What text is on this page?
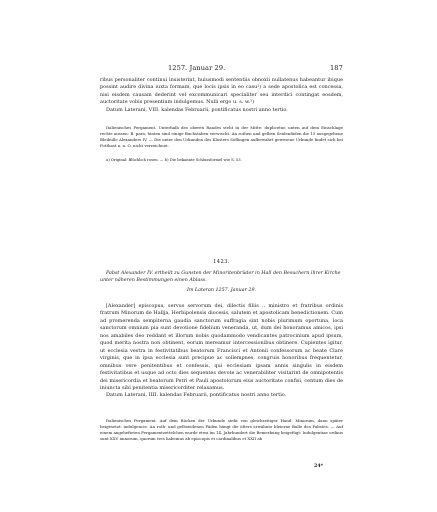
1257. Januar 29.	187

ribus personaliter continui insisterint, huiusmodi sententiis obnoxii nullatenus habeantur ibique possint audire divina iuxta formam, que locis ipsis in eo casu²) a sede apostolica est concessa, nisi eisdem causam dederint vel excommunicari specialiter seu interdici contingat eosdem, auctoritate vobis presentium indulgemus. Nulli ergo u. s. w.¹)

Datum Laterani, VIII. kalendas Februarii, pontificatus nostri anno tertio.

Italienisches Pergament. Unterhalb des oberen Randes steht in der Mitte: duplicetur, unten auf dem Einschlage rechts aussen: B. para; hinten sind einige Buchstaben verwischt. An rothen und gelben Seidenfäden die 15 ausgegebene Bleibulle Alexanders IV. — Die unter den Urkunden des Klosters Söflingen aufbewahrt gewesene Urkunde findet sich bei Potthast a. a. O. nicht verzeichnet.

a) Original: Blüchlich rosen. — b) Die bekannte Schlussformel wie S. 53.
1423.

Pabst Alexander IV. ertheilt zu Gunsten der Minoritenbrüder in Hall den Besuchern ihrer Kirche unter näheren Bestimmungen einen Ablass.

Im Lateran 1257. Januar 29.

[Alexander] episcopus, servus servorum dei, dilectis filiis .. ministro et fratribus ordinis fratrum Minorum de Hallja, Herbipolensis diocesis, salutem et apostolicam benedictionem. Cum ad promerenda sempiterna gaudia sanctorum suffragia sint nobis plurimum oportuna, loca sanctorum omnium pia sunt devotione fidelium veneranda, ut, dum dei honoramus amicos, ipsi nos amabiles deo reddant et illorum nobis quodammodo vendicantes patrocinium apud ipsum, quod merita nostra non obtinent, eorum mereamur intercessionibus obtinere. Cupientes igitur, ut ecclesia vestra in festivitatibus beatorum Francisci et Antonii confessorum ac beate Clare virginis, que in ipsa ecclesia sunt precipue ac sollempnes, congruis honoribus frequentetur, omnibus vere penitentibus et confessis, qui ecclesiam ipsam annis singulis in eisdem festivitatibus et usque ad octo dies sequentes devote ac venerabiliter visitarint de omnipotentis dei misericordia et beatorum Petri et Pauli apostolorum eius auctoritate confisi, centum dies de iniuncta sibi penitentia misericorditer relaxamus.

Datum Laterani, IIII. kalendas Februarii, pontificatus nostri anno tertio.

Italienisches Pergament. Auf dem Rücken der Urkunde steht von gleichzeitiger Hand: Minorum, dann später beigesetzt: indulgencie. An roth- und gelbseidenen Fäden hängt die öfters erwähnte bleierne Bulle des Pabstes. — Auf einem angehefteten Pergamentzettelchen wurde etwa im 14. Jahrhundert die Bemerkung beigefügt: Indulgentiae ordinis sunt XXV annorum, quorum tres habemus ab episcopis et cardinalibus et XXII ab

24*
